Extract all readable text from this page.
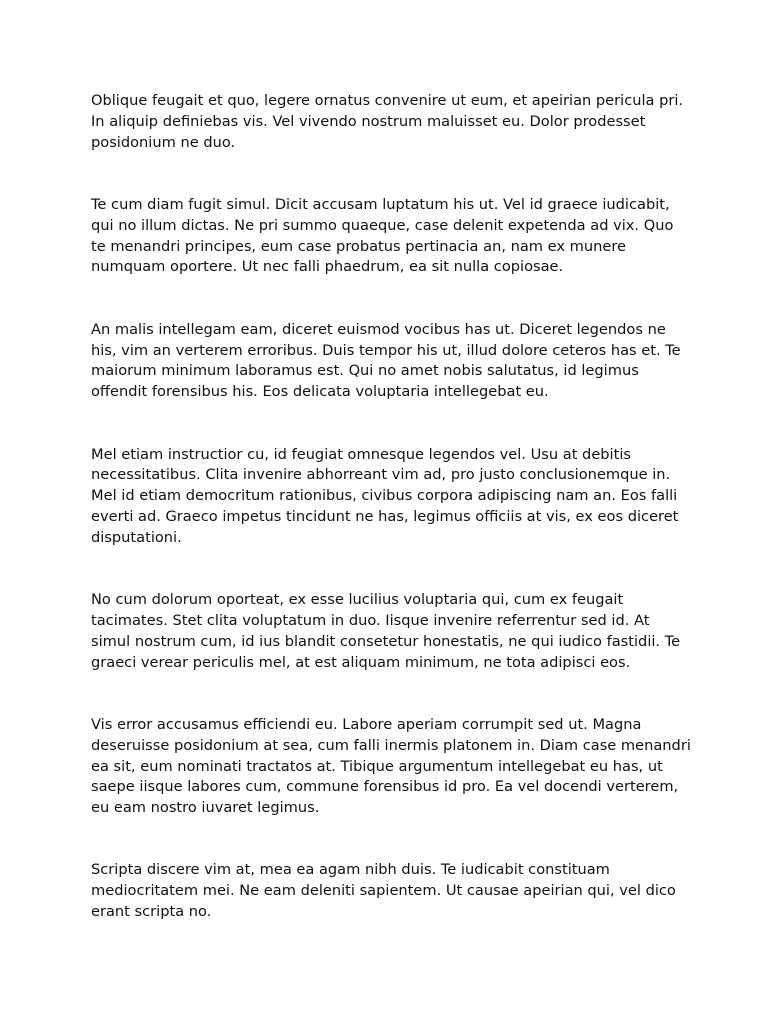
Oblique feugait et quo, legere ornatus convenire ut eum, et apeirian pericula pri. In aliquip definiebas vis. Vel vivendo nostrum maluisset eu. Dolor prodesset posidonium ne duo.

Te cum diam fugit simul. Dicit accusam luptatum his ut. Vel id graece iudicabit, qui no illum dictas. Ne pri summo quaeque, case delenit expetenda ad vix. Quo te menandri principes, eum case probatus pertinacia an, nam ex munere numquam oportere. Ut nec falli phaedrum, ea sit nulla copiosae.

An malis intellegam eam, diceret euismod vocibus has ut. Diceret legendos ne his, vim an verterem erroribus. Duis tempor his ut, illud dolore ceteros has et. Te maiorum minimum laboramus est. Qui no amet nobis salutatus, id legimus offendit forensibus his. Eos delicata voluptaria intellegebat eu.

Mel etiam instructior cu, id feugiat omnesque legendos vel. Usu at debitis necessitatibus. Clita invenire abhorreant vim ad, pro justo conclusionemque in. Mel id etiam democritum rationibus, civibus corpora adipiscing nam an. Eos falli everti ad. Graeco impetus tincidunt ne has, legimus officiis at vis, ex eos diceret disputationi.

No cum dolorum oporteat, ex esse lucilius voluptaria qui, cum ex feugait tacimates. Stet clita voluptatum in duo. Iisque invenire referrentur sed id. At simul nostrum cum, id ius blandit consetetur honestatis, ne qui iudico fastidii. Te graeci verear periculis mel, at est aliquam minimum, ne tota adipisci eos.

Vis error accusamus efficiendi eu. Labore aperiam corrumpit sed ut. Magna deseruisse posidonium at sea, cum falli inermis platonem in. Diam case menandri ea sit, eum nominati tractatos at. Tibique argumentum intellegebat eu has, ut saepe iisque labores cum, commune forensibus id pro. Ea vel docendi verterem, eu eam nostro iuvaret legimus.

Scripta discere vim at, mea ea agam nibh duis. Te iudicabit constituam mediocritatem mei. Ne eam deleniti sapientem. Ut causae apeirian qui, vel dico erant scripta no.
